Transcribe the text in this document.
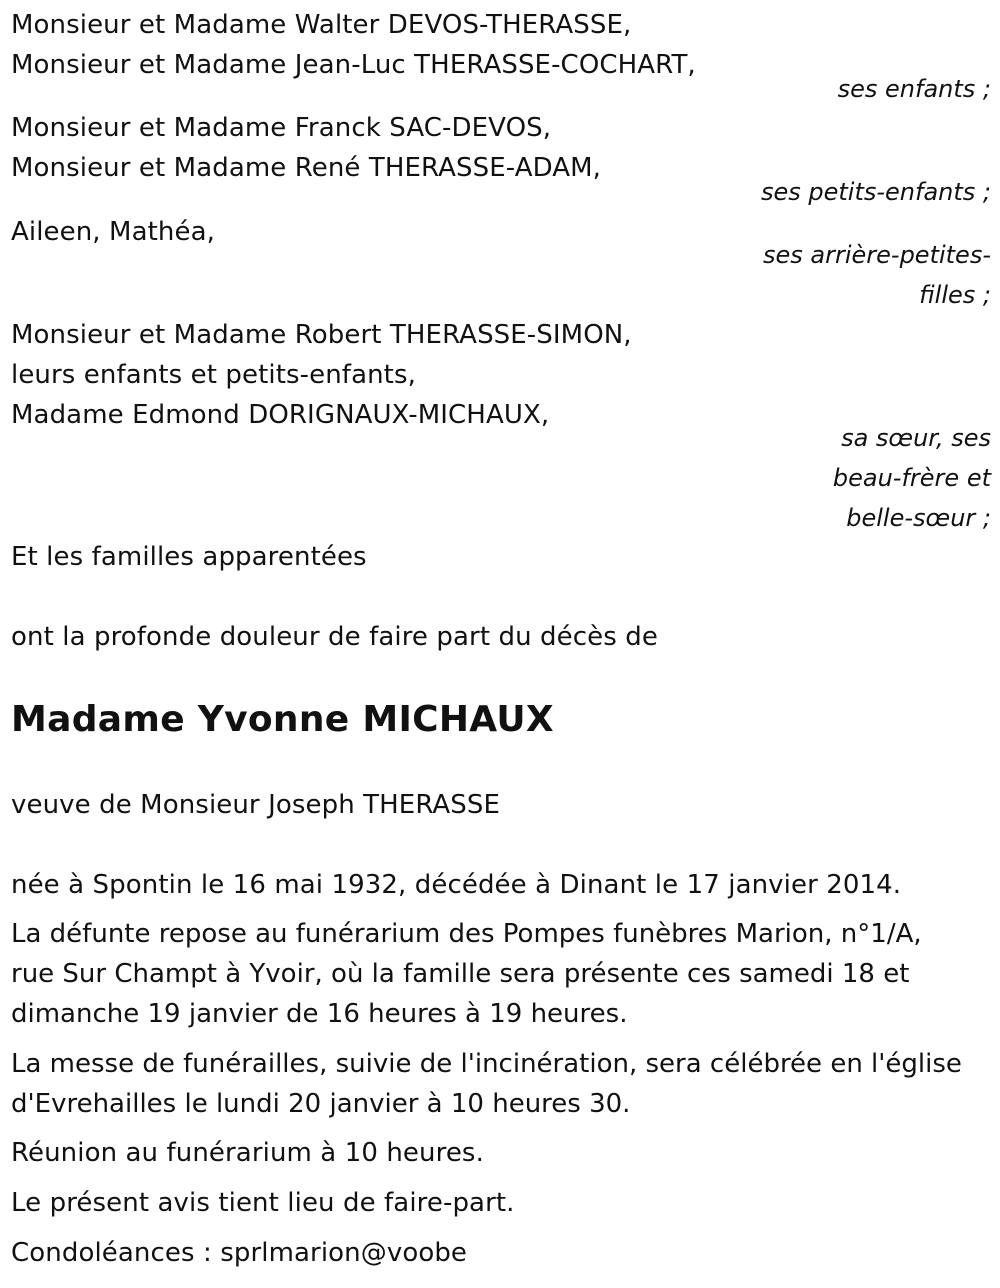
Monsieur et Madame Walter DEVOS-THERASSE,
Monsieur et Madame Jean-Luc THERASSE-COCHART,
ses enfants ;
Monsieur et Madame Franck SAC-DEVOS,
Monsieur et Madame René THERASSE-ADAM,
ses petits-enfants ;
Aileen, Mathéa,
ses arrière-petites-
filles ;
Monsieur et Madame Robert THERASSE-SIMON,
leurs enfants et petits-enfants,
Madame Edmond DORIGNAUX-MICHAUX,
sa sœur, ses
beau-frère et
belle-sœur ;
Et les familles apparentées
ont la profonde douleur de faire part du décès de
Madame Yvonne MICHAUX
veuve de Monsieur Joseph THERASSE
née à Spontin le 16 mai 1932, décédée à Dinant le 17 janvier 2014.
La défunte repose au funérarium des Pompes funèbres Marion, n°1/A,
rue Sur Champt à Yvoir, où la famille sera présente ces samedi 18 et
dimanche 19 janvier de 16 heures à 19 heures.
La messe de funérailles, suivie de l'incinération, sera célébrée en l'église
d'Evrehailles le lundi 20 janvier à 10 heures 30.
Réunion au funérarium à 10 heures.
Le présent avis tient lieu de faire-part.
Condoléances : sprlmarion@voobe
